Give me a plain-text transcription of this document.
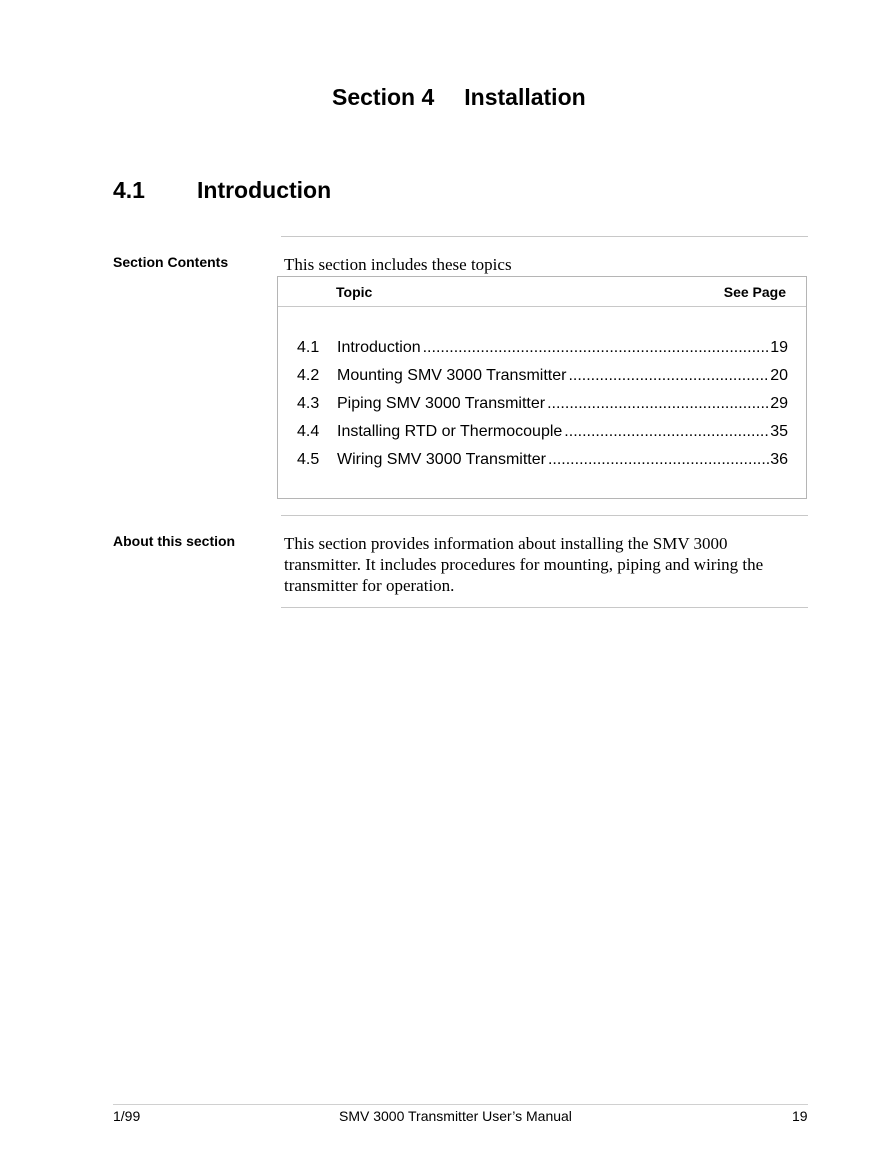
Section 4 Installation
4.1 Introduction
Section Contents	This section includes these topics
Topic	See Page
4.1 Introduction .....	19
4.2 Mounting SMV 3000 Transmitter .....	20
4.3 Piping SMV 3000 Transmitter .....	29
4.4 Installing RTD or Thermocouple .....	35
4.5 Wiring SMV 3000 Transmitter .....	36
About this section	This section provides information about installing the SMV 3000 transmitter. It includes procedures for mounting, piping and wiring the transmitter for operation.
1/99	SMV 3000 Transmitter User’s Manual	19
